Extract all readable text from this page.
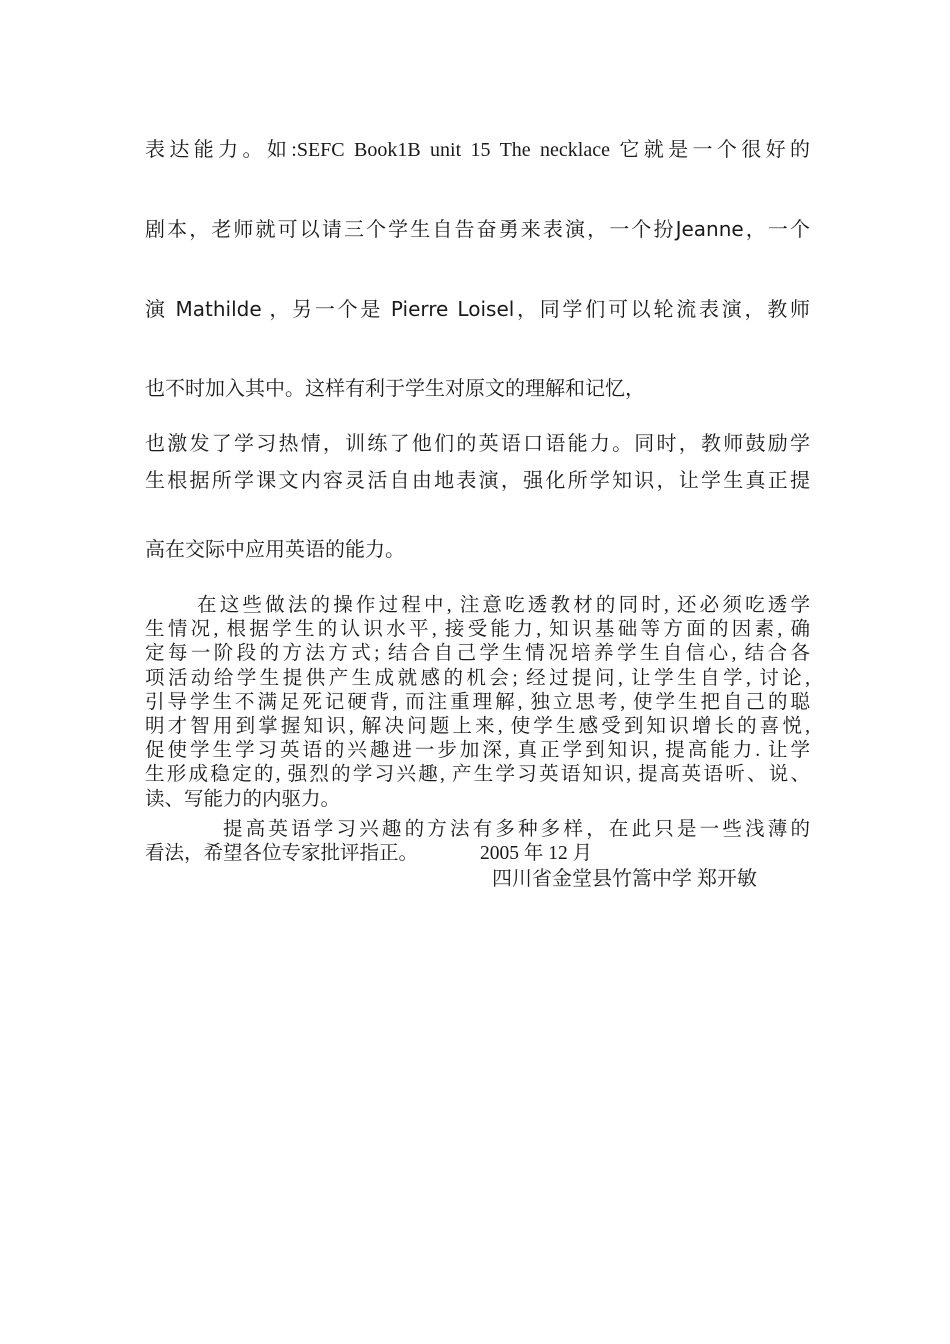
表达能力。如:SEFC Book1B unit 15 The necklace 它就是一个很好的
剧本，老师就可以请三个学生自告奋勇来表演，一个扮Jeanne，一个
演 Mathilde ，另一个是 Pierre Loisel，同学们可以轮流表演，教师
也不时加入其中。这样有利于学生对原文的理解和记忆，
也激发了学习热情，训练了他们的英语口语能力。同时，教师鼓励学
生根据所学课文内容灵活自由地表演，强化所学知识，让学生真正提
高在交际中应用英语的能力。
在这些做法的操作过程中, 注意吃透教材的同时, 还必须吃透学
生情况, 根据学生的认识水平, 接受能力, 知识基础等方面的因素, 确
定每一阶段的方法方式; 结合自己学生情况培养学生自信心, 结合各
项活动给学生提供产生成就感的机会; 经过提问, 让学生自学, 讨论,
引导学生不满足死记硬背, 而注重理解, 独立思考, 使学生把自己的聪
明才智用到掌握知识, 解决问题上来, 使学生感受到知识增长的喜悦,
促使学生学习英语的兴趣进一步加深, 真正学到知识, 提高能力. 让学
生形成稳定的, 强烈的学习兴趣, 产生学习英语知识, 提高英语听、说、
读、写能力的内驱力。
提高英语学习兴趣的方法有多种多样，在此只是一些浅薄的
看法，希望各位专家批评指正。	2005 年 12 月
四川省金堂县竹篙中学 郑开敏
